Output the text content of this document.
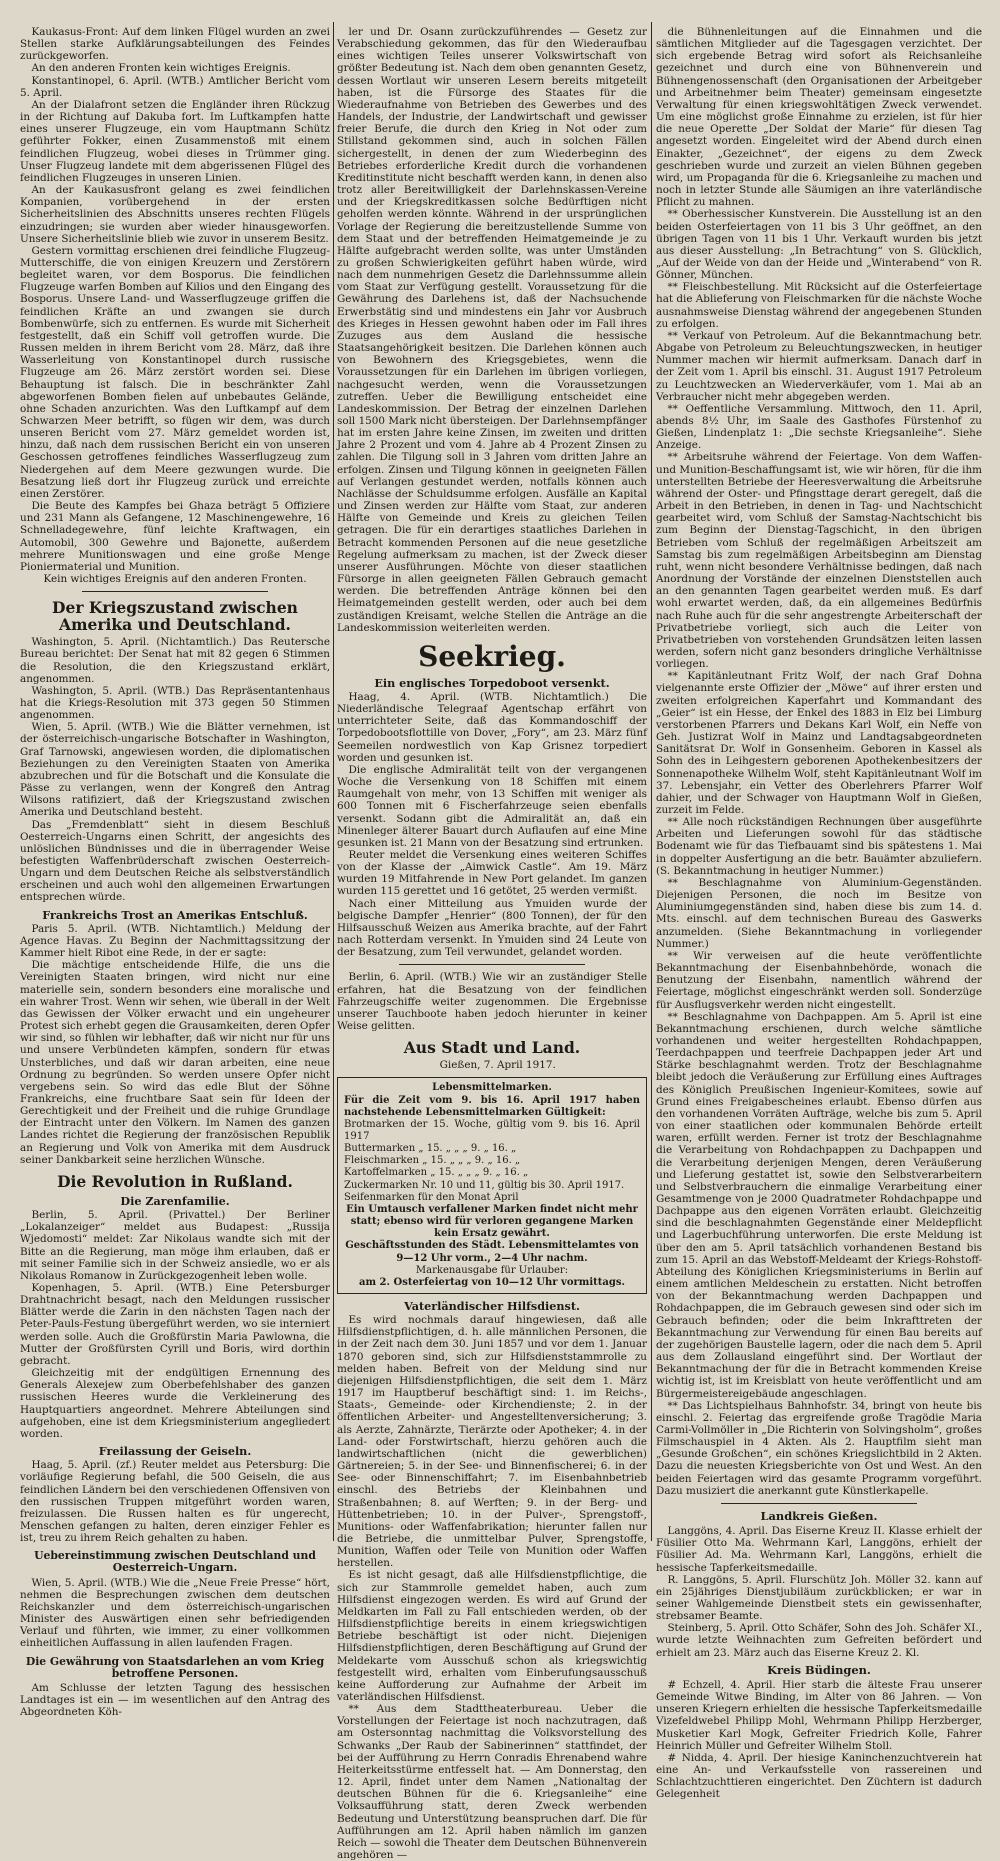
Kaukasus-Front: Auf dem linken Flügel wurden an zwei Stellen starke Aufklärungsabteilungen des Feindes zurückgeworfen.

An den anderen Fronten kein wichtiges Ereignis.

Konstantinopel, 6. April. (WTB.) Amtlicher Bericht vom 5. April.

An der Dialafront setzen die Engländer ihren Rückzug in der Richtung auf Dakuba fort. Im Luftkampfen hatte eines unserer Flugzeuge, ein vom Hauptmann Schütz geführter Fokker, einen Zusammenstoß mit einem feindlichen Flugzeug, wobei dieses in Trümmer ging. Unser Flugzeug landete mit dem abgerissenen Flügel des feindlichen Flugzeuges in unseren Linien.

An der Kaukasusfront gelang es zwei feindlichen Kompanien, vorübergehend in der ersten Sicherheitslinien des Abschnitts unseres rechten Flügels einzudringen; sie wurden aber wieder hinausgeworfen. Unsere Sicherheitslinie blieb wie zuvor in unserem Besitz.

Gestern vormittag erschienen drei feindliche Flugzeug-Mutterschiffe, die von einigen Kreuzern und Zerstörern begleitet waren, vor dem Bosporus. Die feindlichen Flugzeuge warfen Bomben auf Kilios und den Eingang des Bosporus. Unsere Land- und Wasserflugzeuge griffen die feindlichen Kräfte an und zwangen sie durch Bombenwürfe, sich zu entfernen. Es wurde mit Sicherheit festgestellt, daß ein Schiff voll getroffen wurde. Die Russen melden in ihrem Bericht vom 28. März, daß ihre Wasserleitung von Konstantinopel durch russische Flugzeuge am 26. März zerstört worden sei. Diese Behauptung ist falsch. Die in beschränkter Zahl abgeworfenen Bomben fielen auf unbebautes Gelände, ohne Schaden anzurichten. Was den Luftkampf auf dem Schwarzen Meer betrifft, so fügen wir dem, was durch unseren Bericht vom 27. März gemeldet worden ist, hinzu, daß nach dem russischen Bericht ein von unseren Geschossen getroffenes feindliches Wasserflugzeug zum Niedergehen auf dem Meere gezwungen wurde. Die Besatzung ließ dort ihr Flugzeug zurück und erreichte einen Zerstörer.

Die Beute des Kampfes bei Ghaza beträgt 5 Offiziere und 231 Mann als Gefangene, 12 Maschinengewehre, 16 Schnelladegewehre, fünf leichte Kraftwagen, ein Automobil, 300 Gewehre und Bajonette, außerdem mehrere Munitionswagen und eine große Menge Pioniermaterial und Munition.

Kein wichtiges Ereignis auf den anderen Fronten.

Der Kriegszustand zwischen Amerika und Deutschland.

Washington, 5. April. (Nichtamtlich.) Das Reutersche Bureau berichtet: Der Senat hat mit 82 gegen 6 Stimmen die Resolution, die den Kriegszustand erklärt, angenommen.

Washington, 5. April. (WTB.) Das Repräsentantenhaus hat die Kriegs-Resolution mit 373 gegen 50 Stimmen angenommen.

Wien, 5. April. (WTB.) Wie die Blätter vernehmen, ist der österreichisch-ungarische Botschafter in Washington, Graf Tarnowski, angewiesen worden, die diplomatischen Beziehungen zu den Vereinigten Staaten von Amerika abzubrechen und für die Botschaft und die Konsulate die Pässe zu verlangen, wenn der Kongreß den Antrag Wilsons ratifiziert, daß der Kriegszustand zwischen Amerika und Deutschland besteht.

Das „Fremdenblatt“ sieht in diesem Beschluß Oesterreich-Ungarns einen Schritt, der angesichts des unlöslichen Bündnisses und die in überragender Weise befestigten Waffenbrüderschaft zwischen Oesterreich-Ungarn und dem Deutschen Reiche als selbstverständlich erscheinen und auch wohl den allgemeinen Erwartungen entsprechen würde.

Frankreichs Trost an Amerikas Entschluß.

Paris 5. April. (WTB. Nichtamtlich.) Meldung der Agence Havas. Zu Beginn der Nachmittagssitzung der Kammer hielt Ribot eine Rede, in der er sagte:

Die mächtige entscheidende Hilfe, die uns die Vereinigten Staaten bringen, wird nicht nur eine materielle sein, sondern besonders eine moralische und ein wahrer Trost. Wenn wir sehen, wie überall in der Welt das Gewissen der Völker erwacht und ein ungeheurer Protest sich erhebt gegen die Grausamkeiten, deren Opfer wir sind, so fühlen wir lebhafter, daß wir nicht nur für uns und unsere Verbündeten kämpfen, sondern für etwas Unsterbliches, und daß wir daran arbeiten, eine neue Ordnung zu begründen. So werden unsere Opfer nicht vergebens sein. So wird das edle Blut der Söhne Frankreichs, eine fruchtbare Saat sein für Ideen der Gerechtigkeit und der Freiheit und die ruhige Grundlage der Eintracht unter den Völkern. Im Namen des ganzen Landes richtet die Regierung der französischen Republik an Regierung und Volk von Amerika mit dem Ausdruck seiner Dankbarkeit seine herzlichen Wünsche.

Die Revolution in Rußland.
Die Zarenfamilie.

Berlin, 5. April. (Privattel.) Der Berliner „Lokalanzeiger“ meldet aus Budapest: „Russija Wjedomosti“ meldet: Zar Nikolaus wandte sich mit der Bitte an die Regierung, man möge ihm erlauben, daß er mit seiner Familie sich in der Schweiz ansiedle, wo er als Nikolaus Romanow in Zurückgezogenheit leben wolle.

Kopenhagen, 5. April. (WTB.) Eine Petersburger Drahtnachricht besagt, nach den Meldungen russischer Blätter werde die Zarin in den nächsten Tagen nach der Peter-Pauls-Festung übergeführt werden, wo sie interniert werden solle. Auch die Großfürstin Maria Pawlowna, die Mutter der Großfürsten Cyrill und Boris, wird dorthin gebracht.

Gleichzeitig mit der endgültigen Ernennung des Generals Alexejew zum Oberbefehlshaber des ganzen russischen Heeres wurde die Verkleinerung des Hauptquartiers angeordnet. Mehrere Abteilungen sind aufgehoben, eine ist dem Kriegsministerium angegliedert worden.

Freilassung der Geiseln.

Haag, 5. April. (zf.) Reuter meldet aus Petersburg: Die vorläufige Regierung befahl, die 500 Geiseln, die aus feindlichen Ländern bei den verschiedenen Offensiven von den russischen Truppen mitgeführt worden waren, freizulassen. Die Russen halten es für ungerecht, Menschen gefangen zu halten, deren einziger Fehler es ist, treu zu ihrem Reich gehalten zu haben.

Uebereinstimmung zwischen Deutschland und Oesterreich-Ungarn.

Wien, 5. April. (WTB.) Wie die „Neue Freie Presse“ hört, nehmen die Besprechungen zwischen dem deutschen Reichskanzler und dem österreichisch-ungarischen Minister des Auswärtigen einen sehr befriedigenden Verlauf und führten, wie immer, zu einer vollkommen einheitlichen Auffassung in allen laufenden Fragen.

Die Gewährung von Staatsdarlehen an vom Krieg betroffene Personen.

Am Schlusse der letzten Tagung des hessischen Landtages ist ein — im wesentlichen auf den Antrag des Abgeordneten Köh-

ler und Dr. Osann zurückzuführendes — Gesetz zur Verabschiedung gekommen, das für den Wiederaufbau eines wichtigen Teiles unserer Volkswirtschaft von größter Bedeutung ist. Nach dem oben genannten Gesetz, dessen Wortlaut wir unseren Lesern bereits mitgeteilt haben, ist die Fürsorge des Staates für die Wiederaufnahme von Betrieben des Gewerbes und des Handels, der Industrie, der Landwirtschaft und gewisser freier Berufe, die durch den Krieg in Not oder zum Stillstand gekommen sind, auch in solchen Fällen sichergestellt, in denen der zum Wiederbeginn des Betriebes erforderliche Kredit durch die vorhandenen Kreditinstitute nicht beschafft werden kann, in denen also trotz aller Bereitwilligkeit der Darlehnskassen-Vereine und der Kriegskreditkassen solche Bedürftigen nicht geholfen werden könnte. Während in der ursprünglichen Vorlage der Regierung die bereitzustellende Summe von dem Staat und der betreffenden Heimatgemeinde je zu Hälfte aufgebracht werden sollte, was unter Umständen zu großen Schwierigkeiten geführt haben würde, wird nach dem nunmehrigen Gesetz die Darlehnssumme allein vom Staat zur Verfügung gestellt. Voraussetzung für die Gewährung des Darlehens ist, daß der Nachsuchende Erwerbstätig sind und mindestens ein Jahr vor Ausbruch des Krieges in Hessen gewohnt haben oder im Fall ihres Zuzuges aus dem Ausland die hessische Staatsangehörigkeit besitzen. Die Darlehen können auch von Bewohnern des Kriegsgebietes, wenn die Voraussetzungen für ein Darlehen im übrigen vorliegen, nachgesucht werden, wenn die Voraussetzungen zutreffen. Ueber die Bewilligung entscheidet eine Landeskommission. Der Betrag der einzelnen Darlehen soll 1500 Mark nicht übersteigen. Der Darlehnsempfänger hat im ersten Jahre keine Zinsen, im zweiten und dritten Jahre 2 Prozent und vom 4. Jahre ab 4 Prozent Zinsen zu zahlen. Die Tilgung soll in 3 Jahren vom dritten Jahre an erfolgen. Zinsen und Tilgung können in geeigneten Fällen auf Verlangen gestundet werden, notfalls können auch Nachlässe der Schuldsumme erfolgen. Ausfälle an Kapital und Zinsen werden zur Hälfte vom Staat, zur anderen Hälfte von Gemeinde und Kreis zu gleichen Teilen getragen. Die für ein derartiges staatliches Darlehen in Betracht kommenden Personen auf die neue gesetzliche Regelung aufmerksam zu machen, ist der Zweck dieser unserer Ausführungen. Möchte von dieser staatlichen Fürsorge in allen geeigneten Fällen Gebrauch gemacht werden. Die betreffenden Anträge können bei den Heimatgemeinden gestellt werden, oder auch bei dem zuständigen Kreisamt, welche Stellen die Anträge an die Landeskommission weiterleiten werden.

Seekrieg.
Ein englisches Torpedoboot versenkt.

Haag, 4. April. (WTB. Nichtamtlich.) Die Niederländische Telegraaf Agentschap erfährt von unterrichteter Seite, daß das Kommandoschiff der Torpedobootsflottille von Dover, „Fory“, am 23. März fünf Seemeilen nordwestlich von Kap Grisnez torpediert worden und gesunken ist.

Die englische Admiralität teilt von der vergangenen Woche die Versenkung von 18 Schiffen mit einem Raumgehalt von mehr, von 13 Schiffen mit weniger als 600 Tonnen mit 6 Fischerfahrzeuge seien ebenfalls versenkt. Sodann gibt die Admiralität an, daß ein Minenleger älterer Bauart durch Auflaufen auf eine Mine gesunken ist. 21 Mann von der Besatzung sind ertrunken.

Reuter meldet die Versenkung eines weiteren Schiffes von der Klasse der „Aimwick Castle“. Am 19. März wurden 19 Mitfahrende in New Port gelandet. Im ganzen wurden 115 gerettet und 16 getötet, 25 werden vermißt.

Nach einer Mitteilung aus Ymuiden wurde der belgische Dampfer „Henrier“ (800 Tonnen), der für den Hilfsausschuß Weizen aus Amerika brachte, auf der Fahrt nach Rotterdam versenkt. In Ymuiden sind 24 Leute von der Besatzung, zum Teil verwundet, gelandet worden.

Berlin, 6. April. (WTB.) Wie wir an zuständiger Stelle erfahren, hat die Besatzung von der feindlichen Fahrzeugschiffe weiter zugenommen. Die Ergebnisse unserer Tauchboote haben jedoch hierunter in keiner Weise gelitten.

Aus Stadt und Land.

Gießen, 7. April 1917.

Lebensmittelmarken.

Für die Zeit vom 9. bis 16. April 1917 haben nachstehende Lebensmittelmarken Gültigkeit:

Brotmarken der 15. Woche, gültig vom 9. bis 16. April 1917

Buttermarken „ 15. „ „ „ 9. „ 16. „

Fleischmarken „ 15. „ „ „ 9. „ 16. „

Kartoffelmarken „ 15. „ „ „ 9. „ 16. „

Zuckermarken Nr. 10 und 11, gültig bis 30. April 1917.

Seifenmarken für den Monat April

Ein Umtausch verfallener Marken findet nicht mehr statt; ebenso wird für verloren gegangene Marken kein Ersatz gewährt.

Geschäftsstunden des Städt. Lebensmittelamtes von 9—12 Uhr vorm., 2—4 Uhr nachm.

Markenausgabe für Urlauber:

am 2. Osterfeiertag von 10—12 Uhr vormittags.

Vaterländischer Hilfsdienst.

Es wird nochmals darauf hingewiesen, daß alle Hilfsdienstpflichtigen, d. h. alle männlichen Personen, die in der Zeit nach dem 30. Juni 1857 und vor dem 1. Januar 1870 geboren sind, sich zur Hilfsdienststammrolle zu melden haben. Befreit von der Meldung sind nur diejenigen Hilfsdienstpflichtigen, die seit dem 1. März 1917 im Hauptberuf beschäftigt sind: 1. im Reichs-, Staats-, Gemeinde- oder Kirchendienste; 2. in der öffentlichen Arbeiter- und Angestelltenversicherung; 3. als Aerzte, Zahnärzte, Tierärzte oder Apotheker; 4. in der Land- oder Forstwirtschaft, hierzu gehören auch die landwirtschaftlichen (nicht die gewerblichen) Gärtnereien; 5. in der See- und Binnenfischerei; 6. in der See- oder Binnenschiffahrt; 7. im Eisenbahnbetrieb einschl. des Betriebs der Kleinbahnen und Straßenbahnen; 8. auf Werften; 9. in der Berg- und Hüttenbetrieben; 10. in der Pulver-, Sprengstoff-, Munitions- oder Waffenfabrikation; hierunter fallen nur die Betriebe, die unmittelbar Pulver, Sprengstoffe, Munition, Waffen oder Teile von Munition oder Waffen herstellen.

Es ist nicht gesagt, daß alle Hilfsdienstpflichtige, die sich zur Stammrolle gemeldet haben, auch zum Hilfsdienst eingezogen werden. Es wird auf Grund der Meldkarten im Fall zu Fall entschieden werden, ob der Hilfsdienstpflichtige bereits in einem kriegswichtigen Betriebe beschäftigt ist oder nicht. Diejenigen Hilfsdienstpflichtigen, deren Beschäftigung auf Grund der Meldekarte vom Ausschuß schon als kriegswichtig festgestellt wird, erhalten vom Einberufungsausschuß keine Aufforderung zur Aufnahme der Arbeit im vaterländischen Hilfsdienst.

** Aus dem Stadttheaterbureau. Ueber die Vorstellungen der Feiertage ist noch nachzutragen, daß am Ostersonntag nachmittag die Volksvorstellung des Schwanks „Der Raub der Sabinerinnen“ stattfindet, der bei der Aufführung zu Herrn Conradis Ehrenabend wahre Heiterkeitsstürme entfesselt hat. — Am Donnerstag, den 12. April, findet unter dem Namen „Nationaltag der deutschen Bühnen für die 6. Kriegsanleihe“ eine Volksaufführung statt, deren Zweck werbenden Bedeutung und Unterstützung beanspruchen darf. Die für Aufführungen am 12. April haben nämlich im ganzen Reich — sowohl die Theater dem Deutschen Bühnenverein angehören —

die Bühnenleitungen auf die Einnahmen und die sämtlichen Mitglieder auf die Tagesgagen verzichtet. Der sich ergebende Betrag wird sofort als Reichsanleihe gezeichnet und durch eine von Bühnenverein und Bühnengenossenschaft (den Organisationen der Arbeitgeber und Arbeitnehmer beim Theater) gemeinsam eingesetzte Verwaltung für einen kriegswohltätigen Zweck verwendet. Um eine möglichst große Einnahme zu erzielen, ist für hier die neue Operette „Der Soldat der Marie“ für diesen Tag angesetzt worden. Eingeleitet wird der Abend durch einen Einakter, „Gezeichnet“, der eigens zu dem Zweck geschrieben wurde und zurzeit an vielen Bühnen gegeben wird, um Propaganda für die 6. Kriegsanleihe zu machen und noch in letzter Stunde alle Säumigen an ihre vaterländische Pflicht zu mahnen.

** Oberhessischer Kunstverein. Die Ausstellung ist an den beiden Osterfeiertagen von 11 bis 3 Uhr geöffnet, an den übrigen Tagen von 11 bis 1 Uhr. Verkauft wurden bis jetzt aus dieser Ausstellung: „In Betrachtung“ von S. Glücklich, „Auf der Weide von dan der Heide und „Winterabend“ von R. Gönner, München.

** Fleischbestellung. Mit Rücksicht auf die Osterfeiertage hat die Ablieferung von Fleischmarken für die nächste Woche ausnahmsweise Dienstag während der angegebenen Stunden zu erfolgen.

** Verkauf von Petroleum. Auf die Bekanntmachung betr. Abgabe von Petroleum zu Beleuchtungszwecken, in heutiger Nummer machen wir hiermit aufmerksam. Danach darf in der Zeit vom 1. April bis einschl. 31. August 1917 Petroleum zu Leuchtzwecken an Wiederverkäufer, vom 1. Mai ab an Verbraucher nicht mehr abgegeben werden.

** Oeffentliche Versammlung. Mittwoch, den 11. April, abends 8½ Uhr, im Saale des Gasthofes Fürstenhof zu Gießen, Lindenplatz 1: „Die sechste Kriegsanleihe“. Siehe Anzeige.

** Arbeitsruhe während der Feiertage. Von dem Waffen- und Munition-Beschaffungsamt ist, wie wir hören, für die ihm unterstellten Betriebe der Heeresverwaltung die Arbeitsruhe während der Oster- und Pfingsttage derart geregelt, daß die Arbeit in den Betrieben, in denen in Tag- und Nachtschicht gearbeitet wird, vom Schluß der Samstag-Nachtschicht bis zum Beginn der Dienstag-Tagschicht, in den übrigen Betrieben vom Schluß der regelmäßigen Arbeitszeit am Samstag bis zum regelmäßigen Arbeitsbeginn am Dienstag ruht, wenn nicht besondere Verhältnisse bedingen, daß nach Anordnung der Vorstände der einzelnen Dienststellen auch an den genannten Tagen gearbeitet werden muß. Es darf wohl erwartet werden, daß, da ein allgemeines Bedürfnis nach Ruhe auch für die sehr angestrengte Arbeiterschaft der Privatbetriebe vorliegt, sich auch die Leiter von Privatbetrieben von vorstehenden Grundsätzen leiten lassen werden, sofern nicht ganz besonders dringliche Verhältnisse vorliegen.

** Kapitänleutnant Fritz Wolf, der nach Graf Dohna vielgenannte erste Offizier der „Möwe“ auf ihrer ersten und zweiten erfolgreichen Kaperfahrt und Kommandant des „Geier“ ist ein Hesse, der Enkel des 1883 in Elz bei Limburg verstorbenen Pfarrers und Dekans Karl Wolf, ein Neffe von Geh. Justizrat Wolf in Mainz und Landtagsabgeordneten Sanitätsrat Dr. Wolf in Gonsenheim. Geboren in Kassel als Sohn des in Leihgestern geborenen Apothekenbesitzers der Sonnenapotheke Wilhelm Wolf, steht Kapitänleutnant Wolf im 37. Lebensjahr, ein Vetter des Oberlehrers Pfarrer Wolf dahier, und der Schwager von Hauptmann Wolf in Gießen, zurzeit im Felde.

** Alle noch rückständigen Rechnungen über ausgeführte Arbeiten und Lieferungen sowohl für das städtische Bodenamt wie für das Tiefbauamt sind bis spätestens 1. Mai in doppelter Ausfertigung an die betr. Bauämter abzuliefern. (S. Bekanntmachung in heutiger Nummer.)

** Beschlagnahme von Aluminium-Gegenständen. Diejenigen Personen, die noch im Besitze von Aluminiumgegenständen sind, haben diese bis zum 14. d. Mts. einschl. auf dem technischen Bureau des Gaswerks anzumelden. (Siehe Bekanntmachung in vorliegender Nummer.)

** Wir verweisen auf die heute veröffentlichte Bekanntmachung der Eisenbahnbehörde, wonach die Benutzung der Eisenbahn, namentlich während der Feiertage, möglichst eingeschränkt werden soll. Sonderzüge für Ausflugsverkehr werden nicht eingestellt.

** Beschlagnahme von Dachpappen. Am 5. April ist eine Bekanntmachung erschienen, durch welche sämtliche vorhandenen und weiter hergestellten Rohdachpappen, Teerdachpappen und teerfreie Dachpappen jeder Art und Stärke beschlagnahmt werden. Trotz der Beschlagnahme bleibt jedoch die Veräußerung zur Erfüllung eines Auftrages des Königlich Preußischen Ingenieur-Komitees, sowie auf Grund eines Freigabescheines erlaubt. Ebenso dürfen aus den vorhandenen Vorräten Aufträge, welche bis zum 5. April von einer staatlichen oder kommunalen Behörde erteilt waren, erfüllt werden. Ferner ist trotz der Beschlagnahme die Verarbeitung von Rohdachpappen zu Dachpappen und die Verarbeitung derjenigen Mengen, deren Veräußerung und Lieferung gestattet ist, sowie den Selbstverarbeitern und Selbstverbrauchern die einmalige Verarbeitung einer Gesamtmenge von je 2000 Quadratmeter Rohdachpappe und Dachpappe aus den eigenen Vorräten erlaubt. Gleichzeitig sind die beschlagnahmten Gegenstände einer Meldepflicht und Lagerbuchführung unterworfen. Die erste Meldung ist über den am 5. April tatsächlich vorhandenen Bestand bis zum 15. April an das Webstoff-Meldeamt der Kriegs-Rohstoff-Abteilung des Königlichen Kriegsministeriums in Berlin auf einem amtlichen Meldeschein zu erstatten. Nicht betroffen von der Bekanntmachung werden Dachpappen und Rohdachpappen, die im Gebrauch gewesen sind oder sich im Gebrauch befinden; oder die beim Inkrafttreten der Bekanntmachung zur Verwendung für einen Bau bereits auf der zugehörigen Baustelle lagern, oder die nach dem 5. April aus dem Zollausland eingeführt sind. Der Wortlaut der Bekanntmachung der für die in Betracht kommenden Kreise wichtig ist, ist im Kreisblatt von heute veröffentlicht und am Bürgermeistereigebäude angeschlagen.

** Das Lichtspielhaus Bahnhofstr. 34, bringt von heute bis einschl. 2. Feiertag das ergreifende große Tragödie Maria Carmi-Vollmöller in „Die Richterin von Solvingsholm“, großes Filmschauspiel in 4 Akten. Als 2. Hauptfilm sieht man „Gesunde Großchen“, ein schönes Kriegslichtbild in 2 Akten. Dazu die neuesten Kriegsberichte von Ost und West. An den beiden Feiertagen wird das gesamte Programm vorgeführt. Dazu musiziert die anerkannt gute Künstlerkapelle.

Landkreis Gießen.

Langgöns, 4. April. Das Eiserne Kreuz II. Klasse erhielt der Füsilier Otto Ma. Wehrmann Karl, Langgöns, erhielt der Füsilier Ad. Ma. Wehrmann Karl, Langgöns, erhielt die hessische Tapferkeitsmedaille.

R. Langgöns, 5. April. Flurschütz Joh. Möller 32. kann auf ein 25jähriges Dienstjubiläum zurückblicken; er war in seiner Wahlgemeinde Dienstbeit stets ein gewissenhafter, strebsamer Beamte.

Steinberg, 5. April. Otto Schäfer, Sohn des Joh. Schäfer XI., wurde letzte Weihnachten zum Gefreiten befördert und erhielt am 23. März auch das Eiserne Kreuz 2. Kl.

Kreis Büdingen.

# Echzell, 4. April. Hier starb die älteste Frau unserer Gemeinde Witwe Binding, im Alter von 86 Jahren. — Von unseren Kriegern erhielten die hessische Tapferkeitsmedaille Vizefeldwebel Philipp Mohl, Wehrmann Philipp Herzberger, Musketier Karl Mogk, Gefreiter Friedrich Kolle, Fahrer Heinrich Müller und Gefreiter Wilhelm Stoll.

# Nidda, 4. April. Der hiesige Kaninchenzuchtverein hat eine An- und Verkaufsstelle von rassereinen und Schlachtzuchttieren eingerichtet. Den Züchtern ist dadurch Gelegenheit
